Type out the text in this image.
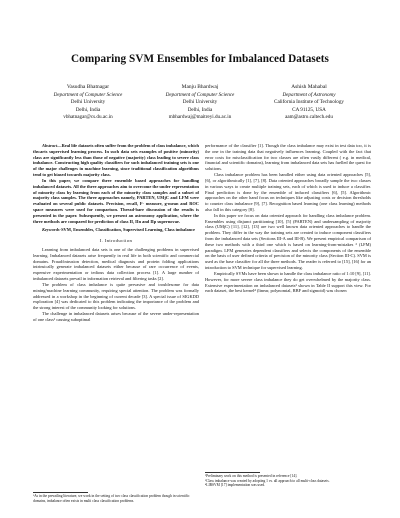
Comparing SVM Ensembles for Imbalanced Datasets
Vasudha Bhatnagar
Department of Computer Science
Delhi University
Delhi, India
vbhatnagar@cs.du.ac.in
Manju Bhardwaj
Department of Computer Science
Delhi University
Delhi, India
mbhardwaj@maitreyi.du.ac.in
Ashish Mahabal
Department of Astronomy
California Institute of Technology
CA 91125, USA
aam@astro.caltech.edu

Abstract—Real life datasets often suffer from the problem of class imbalance, which thwarts supervised learning process. In such data sets examples of positive (minority) class are significantly less than those of negative (majority) class leading to severe class imbalance. Constructing high quality classifiers for such imbalanced training sets is one of the major challenges in machine learning, since traditional classification algorithms tend to get biased towards majority class.

In this paper, we compare three ensemble based approaches for handling imbalanced datasets. All the three approaches aim to overcome the under representation of minority class by learning from each of the minority class samples and a subset of majority class samples. The three approaches namely, PARTEN, UMjC and LFM were evaluated on several public datasets. Precision, recall, F- measure, g-mean and ROC space measures were used for comparison. Thread-bare discussion of the results is presented in the paper. Subsequently, we present an astronomy application, where the three methods are compared for prediction of class II, IIn and IIp supernovae.

Keywords-SVM, Ensembles, Classification, Supervised Learning, Class imbalance

I. Introduction

Learning from imbalanced data sets is one of the challenging problems in supervised learning. Imbalanced datasets arise frequently in real life in both scientific and commercial domains. Fraud/intrusion detection, medical diagnosis and protein folding applications intrinsically generate imbalanced datasets either because of rare occurrence of events, expensive experimentation or tedious data collection process [1]. A large number of imbalanced datasets prevail in information retrieval and filtering tasks [2].

The problem of class imbalance is quite pervasive and troublesome for data mining/machine learning community, requiring special attention. The problem was formally addressed in a workshop in the beginning of current decade [3]. A special issue of SIGKDD exploration [4] was dedicated to this problem indicating the importance of the problem and the strong interest of the community looking for solutions.

The challenge in imbalanced datasets arises because of the severe under-representation of one class¹ causing suboptimal

¹As in the prevailing literature, we work in the setting of two class classification problem though in scientific domains, imbalance often exists in multi class classification problems.

performance of the classifier [1]. Though the class imbalance may exist in test data too, it is the one in the training data that negatively influences learning. Coupled with the fact that error costs for misclassification for two classes are often vastly different ( e.g. in medical, financial and scientific domains), learning from imbalanced data sets has fuelled the quest for solutions.

Class imbalance problem has been handled either using data oriented approaches [5], [6], or algorithmically [1], [7], [8]. Data oriented approaches broadly sample the two classes in various ways to create multiple training sets, each of which is used to induce a classifier. Final prediction is done by the ensemble of induced classifiers [6], [5]. Algorithmic approaches on the other hand focus on techniques like adjusting costs or decision thresholds to counter class imbalance [9], [7]. Recognition based learning (one class learning) methods also fall in this category [8].

In this paper we focus on data oriented approach for handling class imbalance problem. Ensembles using disjunct partitioning [10], [5] (PARTEN) and undersampling of majority class (UMjC) [11], [12], [13] are two well known data oriented approaches to handle the problem. They differ in the way the training sets are created to induce component classifiers from the imbalanced data sets (Sections III-A and III-B). We present empirical comparison of these two methods with a third one which is based on learning-from-mistakes ² (LFM) paradigm. LFM generates dependent classifiers and selects the components of the ensemble on the basis of user defined criteria of precision of the minority class (Section III-C). SVM is used as the base classifier for all the three methods. The reader is referred to [15], [16] for an introduction to SVM technique for supervised learning.

Empirically SVMs have been shown to handle the class imbalance ratio of 1:10 [9], [11]. However, for more severe class imbalance they do get overwhelmed by the majority class. Extensive experimentation on imbalanced datasets³ shown in Table II support this view. For each dataset, the best kernel⁴ (linear, polynomial, RBF and sigmoid) was chosen

²Preliminary work on this method is presented in reference [14].
³Class imbalance was created by adopting 1 vs. all approach to all multi-class datasets.
⁴LIBSVM [17] implementation was used.
